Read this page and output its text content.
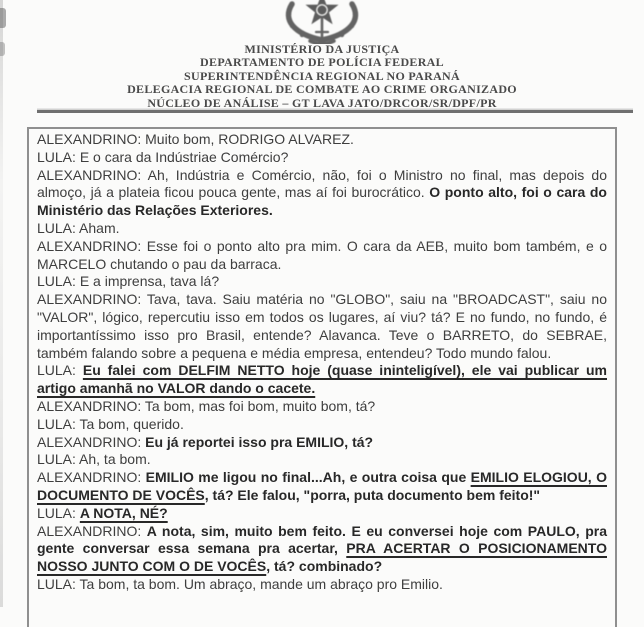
MINISTÉRIO DA JUSTIÇA
DEPARTAMENTO DE POLÍCIA FEDERAL
SUPERINTENDÊNCIA REGIONAL NO PARANÁ
DELEGACIA REGIONAL DE COMBATE AO CRIME ORGANIZADO
NÚCLEO DE ANÁLISE – GT LAVA JATO/DRCOR/SR/DPF/PR

ALEXANDRINO: Muito bom, RODRIGO ALVAREZ.

LULA: E o cara da Indústriae Comércio?

ALEXANDRINO: Ah, Indústria e Comércio, não, foi o Ministro no final, mas depois do almoço, já a plateia ficou pouca gente, mas aí foi burocrático. O ponto alto, foi o cara do Ministério das Relações Exteriores.

LULA: Aham.

ALEXANDRINO: Esse foi o ponto alto pra mim. O cara da AEB, muito bom também, e o MARCELO chutando o pau da barraca.

LULA: E a imprensa, tava lá?

ALEXANDRINO: Tava, tava. Saiu matéria no "GLOBO", saiu na "BROADCAST", saiu no "VALOR", lógico, repercutiu isso em todos os lugares, aí viu? tá? E no fundo, no fundo, é importantíssimo isso pro Brasil, entende? Alavanca. Teve o BARRETO, do SEBRAE, também falando sobre a pequena e média empresa, entendeu? Todo mundo falou.

LULA: Eu falei com DELFIM NETTO hoje (quase ininteligível), ele vai publicar um artigo amanhã no VALOR dando o cacete.

ALEXANDRINO: Ta bom, mas foi bom, muito bom, tá?

LULA: Ta bom, querido.

ALEXANDRINO: Eu já reportei isso pra EMILIO, tá?

LULA: Ah, ta bom.

ALEXANDRINO: EMILIO me ligou no final...Ah, e outra coisa que EMILIO ELOGIOU, O DOCUMENTO DE VOCÊS, tá? Ele falou, "porra, puta documento bem feito!"

LULA: A NOTA, NÉ?

ALEXANDRINO: A nota, sim, muito bem feito. E eu conversei hoje com PAULO, pra gente conversar essa semana pra acertar, PRA ACERTAR O POSICIONAMENTO NOSSO JUNTO COM O DE VOCÊS, tá? combinado?

LULA: Ta bom, ta bom. Um abraço, mande um abraço pro Emilio.
